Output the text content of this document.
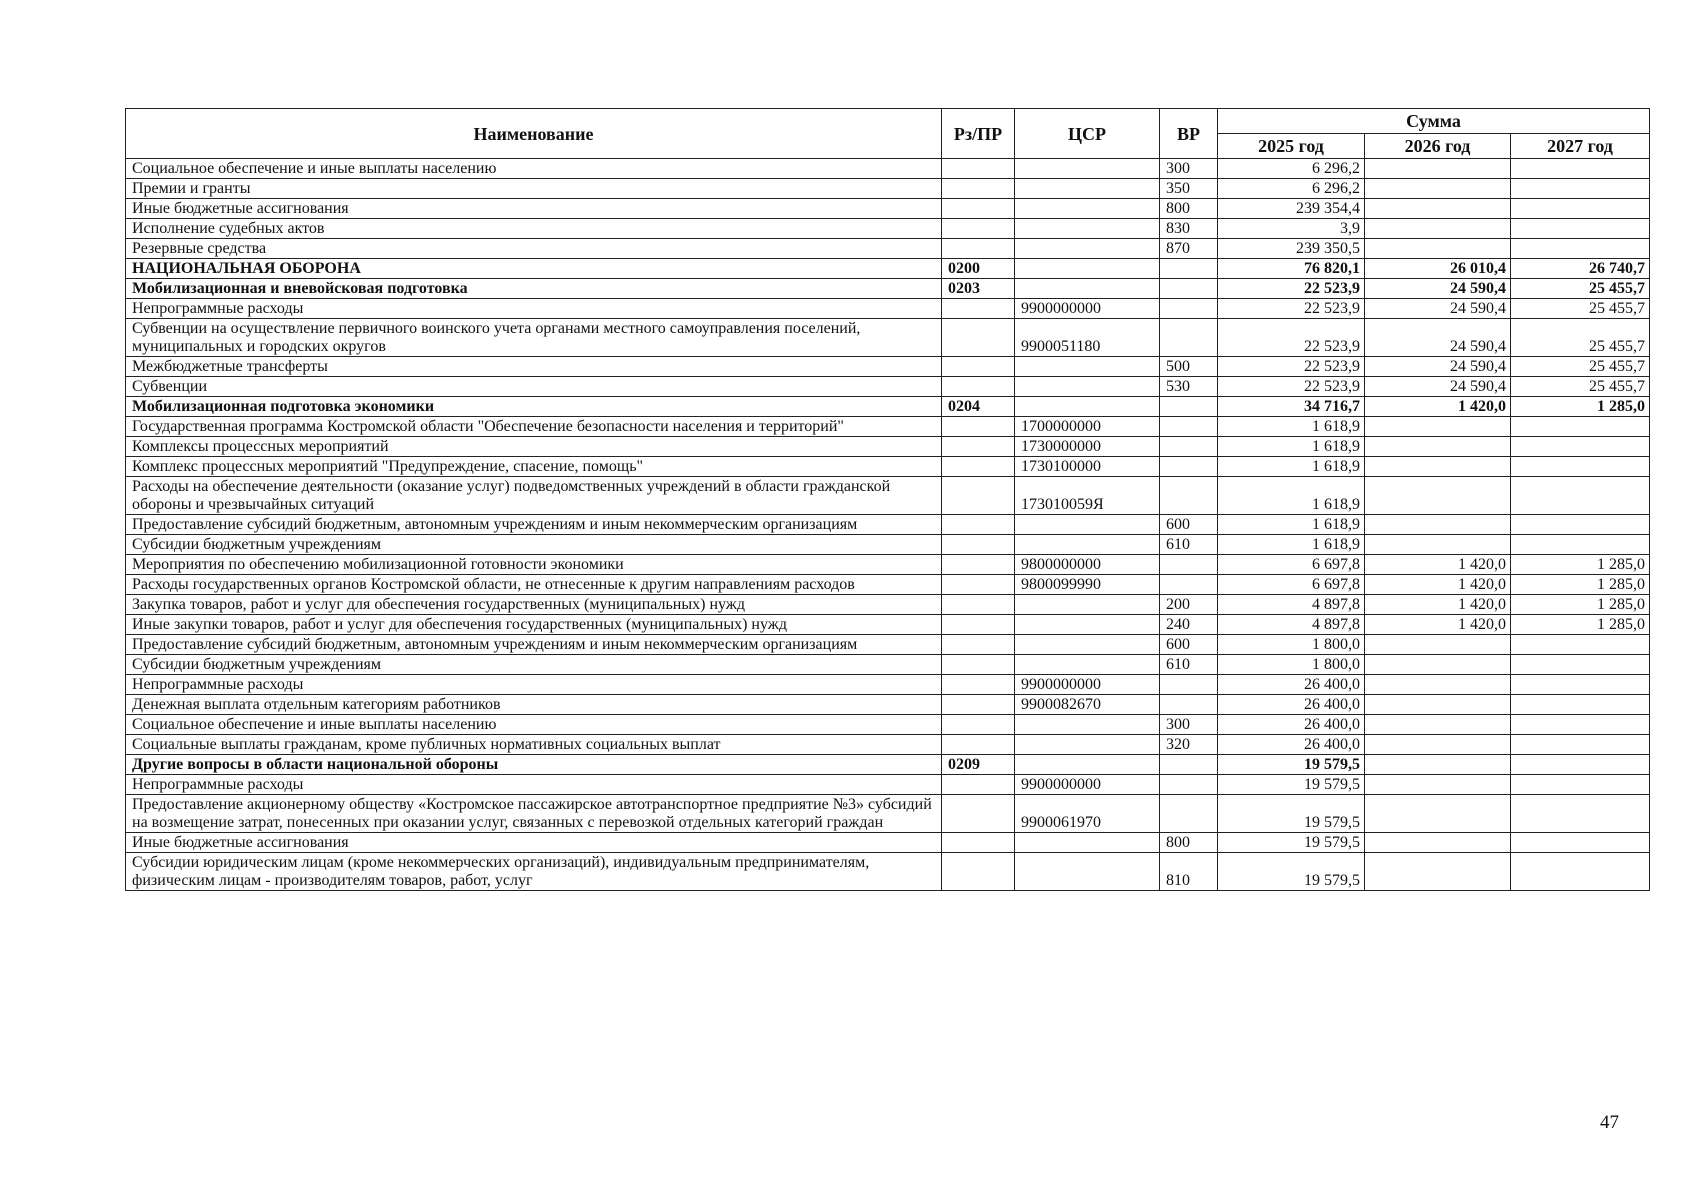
Наименование	Рз/ПР	ЦСР	ВР	Сумма		
				2025 год	2026 год	2027 год
Социальное обеспечение и иные выплаты населению			300	6 296,2		
Премии и гранты			350	6 296,2		
Иные бюджетные ассигнования			800	239 354,4		
Исполнение судебных актов			830	3,9		
Резервные средства			870	239 350,5		
НАЦИОНАЛЬНАЯ ОБОРОНА	0200			76 820,1	26 010,4	26 740,7
Мобилизационная и вневойсковая подготовка	0203			22 523,9	24 590,4	25 455,7
Непрограммные расходы		9900000000		22 523,9	24 590,4	25 455,7
Субвенции на осуществление первичного воинского учета органами местного самоуправления поселений, муниципальных и городских округов		9900051180		22 523,9	24 590,4	25 455,7
Межбюджетные трансферты			500	22 523,9	24 590,4	25 455,7
Субвенции			530	22 523,9	24 590,4	25 455,7
Мобилизационная подготовка экономики	0204			34 716,7	1 420,0	1 285,0
Государственная программа Костромской области "Обеспечение безопасности населения и территорий"		1700000000		1 618,9		
Комплексы процессных мероприятий		1730000000		1 618,9		
Комплекс процессных мероприятий "Предупреждение, спасение, помощь"		1730100000		1 618,9		
Расходы на обеспечение деятельности (оказание услуг) подведомственных учреждений в области гражданской обороны и чрезвычайных ситуаций		173010059Я		1 618,9		
Предоставление субсидий бюджетным, автономным учреждениям и иным некоммерческим организациям			600	1 618,9		
Субсидии бюджетным учреждениям			610	1 618,9		
Мероприятия по обеспечению мобилизационной готовности экономики		9800000000		6 697,8	1 420,0	1 285,0
Расходы государственных органов Костромской области, не отнесенные к другим направлениям расходов		9800099990		6 697,8	1 420,0	1 285,0
Закупка товаров, работ и услуг для обеспечения государственных (муниципальных) нужд			200	4 897,8	1 420,0	1 285,0
Иные закупки товаров, работ и услуг для обеспечения государственных (муниципальных) нужд			240	4 897,8	1 420,0	1 285,0
Предоставление субсидий бюджетным, автономным учреждениям и иным некоммерческим организациям			600	1 800,0		
Субсидии бюджетным учреждениям			610	1 800,0		
Непрограммные расходы		9900000000		26 400,0		
Денежная выплата отдельным категориям работников		9900082670		26 400,0		
Социальное обеспечение и иные выплаты населению			300	26 400,0		
Социальные выплаты гражданам, кроме публичных нормативных социальных выплат			320	26 400,0		
Другие вопросы в области национальной обороны	0209			19 579,5		
Непрограммные расходы		9900000000		19 579,5		
Предоставление акционерному обществу «Костромское пассажирское автотранспортное предприятие №3» субсидий на возмещение затрат, понесенных при оказании услуг, связанных с перевозкой отдельных категорий граждан		9900061970		19 579,5		
Иные бюджетные ассигнования			800	19 579,5		
Субсидии юридическим лицам (кроме некоммерческих организаций), индивидуальным предпринимателям, физическим лицам - производителям товаров, работ, услуг			810	19 579,5		
47
